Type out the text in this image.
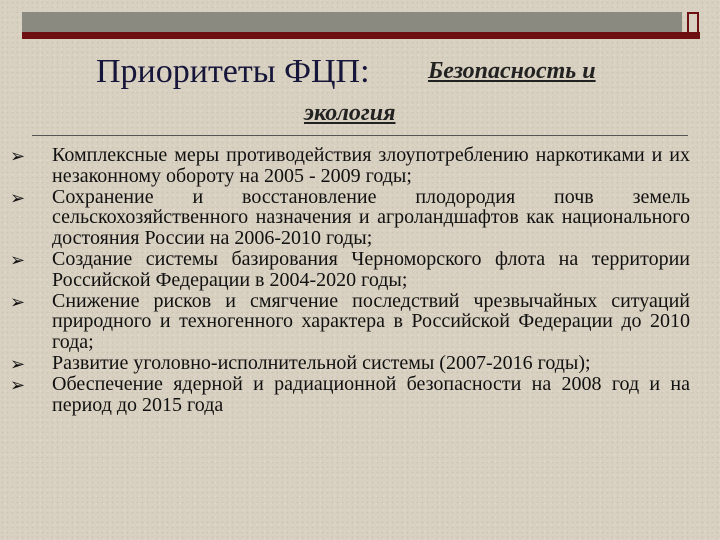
Приоритеты ФЦП: Безопасность и
экология
➢ Комплексные меры противодействия злоупотреблению наркотиками и их незаконному обороту на 2005 - 2009 годы;
➢ Сохранение и восстановление плодородия почв земель сельскохозяйственного назначения и агроландшафтов как национального достояния России на 2006-2010 годы;
➢ Создание системы базирования Черноморского флота на территории Российской Федерации в 2004-2020 годы;
➢ Снижение рисков и смягчение последствий чрезвычайных ситуаций природного и техногенного характера в Российской Федерации до 2010 года;
➢ Развитие уголовно-исполнительной системы (2007-2016 годы);
➢ Обеспечение ядерной и радиационной безопасности на 2008 год и на период до 2015 года
